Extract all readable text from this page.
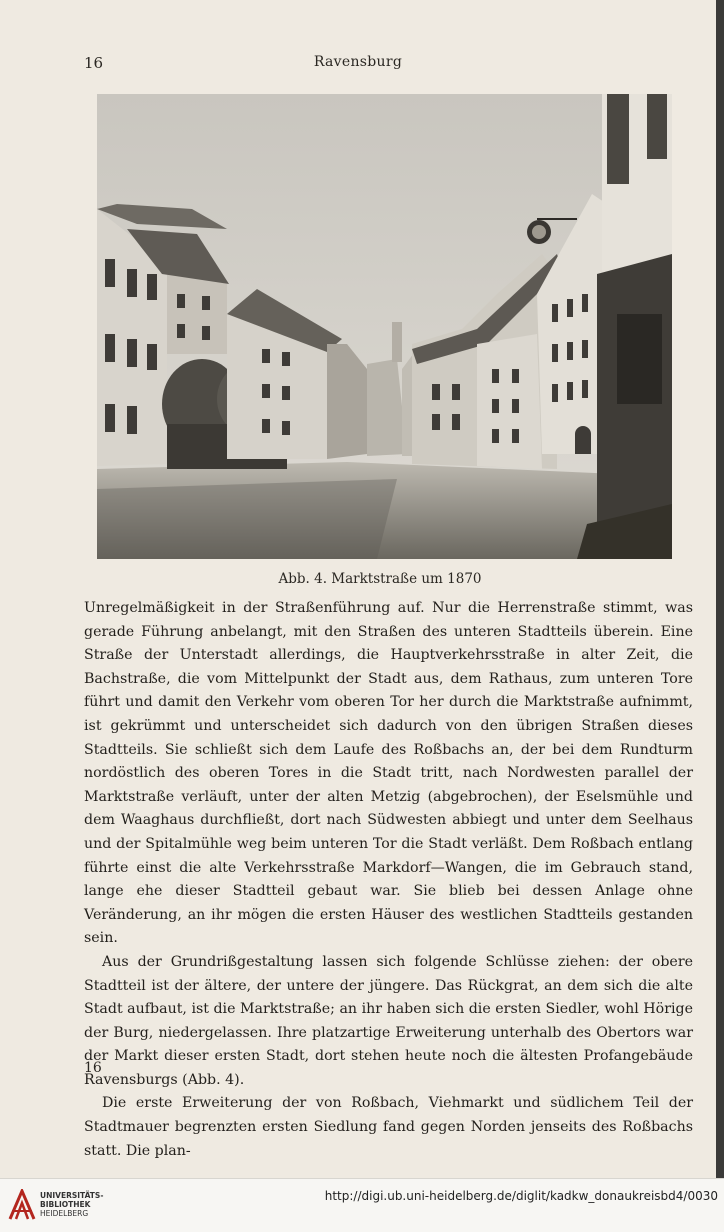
16	Ravensburg
Abb. 4. Marktstraße um 1870

Unregelmäßigkeit in der Straßenführung auf. Nur die Herrenstraße stimmt, was gerade Führung anbelangt, mit den Straßen des unteren Stadtteils überein. Eine Straße der Unterstadt allerdings, die Hauptverkehrsstraße in alter Zeit, die Bachstraße, die vom Mittelpunkt der Stadt aus, dem Rathaus, zum unteren Tore führt und damit den Verkehr vom oberen Tor her durch die Marktstraße aufnimmt, ist gekrümmt und unterscheidet sich dadurch von den übrigen Straßen dieses Stadtteils. Sie schließt sich dem Laufe des Roßbachs an, der bei dem Rundturm nordöstlich des oberen Tores in die Stadt tritt, nach Nordwesten parallel der Marktstraße verläuft, unter der alten Metzig (abgebrochen), der Eselsmühle und dem Waaghaus durchfließt, dort nach Südwesten abbiegt und unter dem Seelhaus und der Spitalmühle weg beim unteren Tor die Stadt verläßt. Dem Roßbach entlang führte einst die alte Verkehrsstraße Markdorf—Wangen, die im Gebrauch stand, lange ehe dieser Stadtteil gebaut war. Sie blieb bei dessen Anlage ohne Veränderung, an ihr mögen die ersten Häuser des westlichen Stadtteils gestanden sein.

Aus der Grundrißgestaltung lassen sich folgende Schlüsse ziehen: der obere Stadtteil ist der ältere, der untere der jüngere. Das Rückgrat, an dem sich die alte Stadt aufbaut, ist die Marktstraße; an ihr haben sich die ersten Siedler, wohl Hörige der Burg, niedergelassen. Ihre platzartige Erweiterung unterhalb des Obertors war der Markt dieser ersten Stadt, dort stehen heute noch die ältesten Profangebäude Ravensburgs (Abb. 4).

Die erste Erweiterung der von Roßbach, Viehmarkt und südlichem Teil der Stadtmauer begrenzten ersten Siedlung fand gegen Norden jenseits des Roßbachs statt. Die plan-

16
UNIVERSITÄTS-
BIBLIOTHEK
HEIDELBERG
http://digi.ub.uni-heidelberg.de/diglit/kadkw_donaukreisbd4/0030
